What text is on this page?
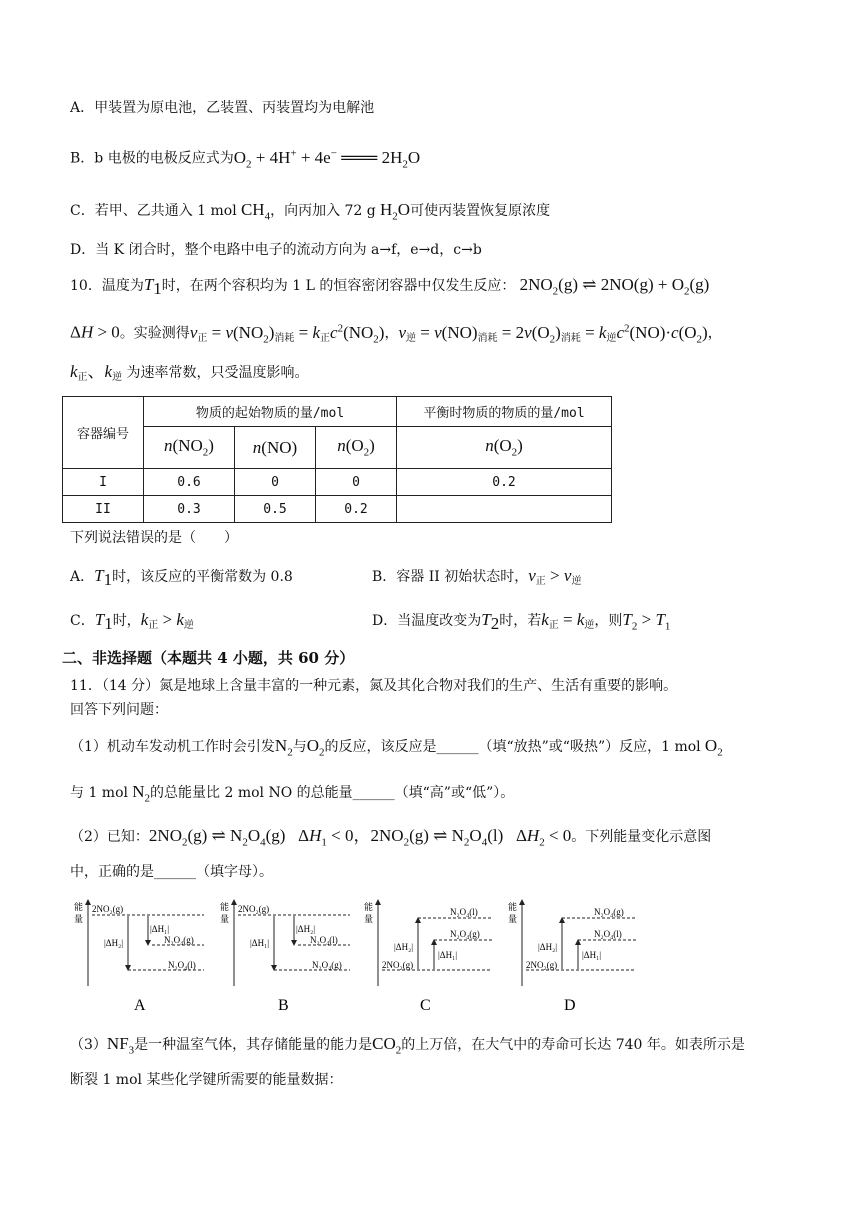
A．甲装置为原电池，乙装置、丙装置均为电解池
B．b 电极的电极反应式为$O_2 + 4H^+ + 4e^-$ ═══ $2H_2O$
C．若甲、乙共通入 1 mol $CH_4$，向丙加入 72 g $H_2O$可使丙装置恢复原浓度
D．当 K 闭合时，整个电路中电子的流动方向为 a→f，e→d，c→b
10．温度为$T_1$时，在两个容积均为 1 L 的恒容密闭容器中仅发生反应： $2NO_2(g)$ ⇌ $2NO(g) + O_2(g)$
ΔH > 0。实验测得v正 = $v(NO_2)$消耗 = k正$c^2(NO_2)$，v逆 = v(NO)消耗 = $2v(O_2)$消耗 = k逆$c^2(NO)\cdot c(O_2)$，
k正、k逆 为速率常数，只受温度影响。
容器编号	物质的起始物质的量/mol			平衡时物质的物质的量/mol
	$n(NO_2)$	n(NO)	$n(O_2)$	$n(O_2)$
I	0.6	0	0	0.2
II	0.3	0.5	0.2	
下列说法错误的是（　　）
A．$T_1$时，该反应的平衡常数为 0.8	B．容器 II 初始状态时，v正 > v逆
C．$T_1$时，k正 > k逆	D．当温度改变为$T_2$时，若k正 = k逆，则$T_2 > T_1$
二、非选择题（本题共 4 小题，共 60 分）
11．（14 分）氮是地球上含量丰富的一种元素，氮及其化合物对我们的生产、生活有重要的影响。
回答下列问题：
（1）机动车发动机工作时会引发$N_2$与$O_2$的反应，该反应是______（填“放热”或“吸热”）反应，1 mol $O_2$
与 1 mol $N_2$的总能量比 2 mol NO 的总能量______（填“高”或“低”）。
（2）已知：$2NO_2(g)$ ⇌ $N_2O_4(g) \Delta H_1 < 0$，$2NO_2(g)$ ⇌ $N_2O_4(l) \Delta H_2 < 0$。下列能量变化示意图
中，正确的是______（填字母）。
能
量
2NO₂(g)
N₂O₄(g)
N₂O₄(l)
|ΔH₂|
|ΔH₁|
能
量
2NO₂(g)
N₂O₄(l)
N₂O₄(g)
|ΔH₁|
|ΔH₂|
能
量
N₂O₄(l)
N₂O₄(g)
2NO₂(g)
|ΔH₂|
|ΔH₁|
能
量
N₂O₄(g)
N₂O₄(l)
2NO₂(g)
|ΔH₂|
|ΔH₁|
A	B	C	D
$(3)NF_3$是一种温室气体，其存储能量的能力是$CO_2$的上万倍，在大气中的寿命可长达 740 年。如表所示是
断裂 1 mol 某些化学键所需要的能量数据：
